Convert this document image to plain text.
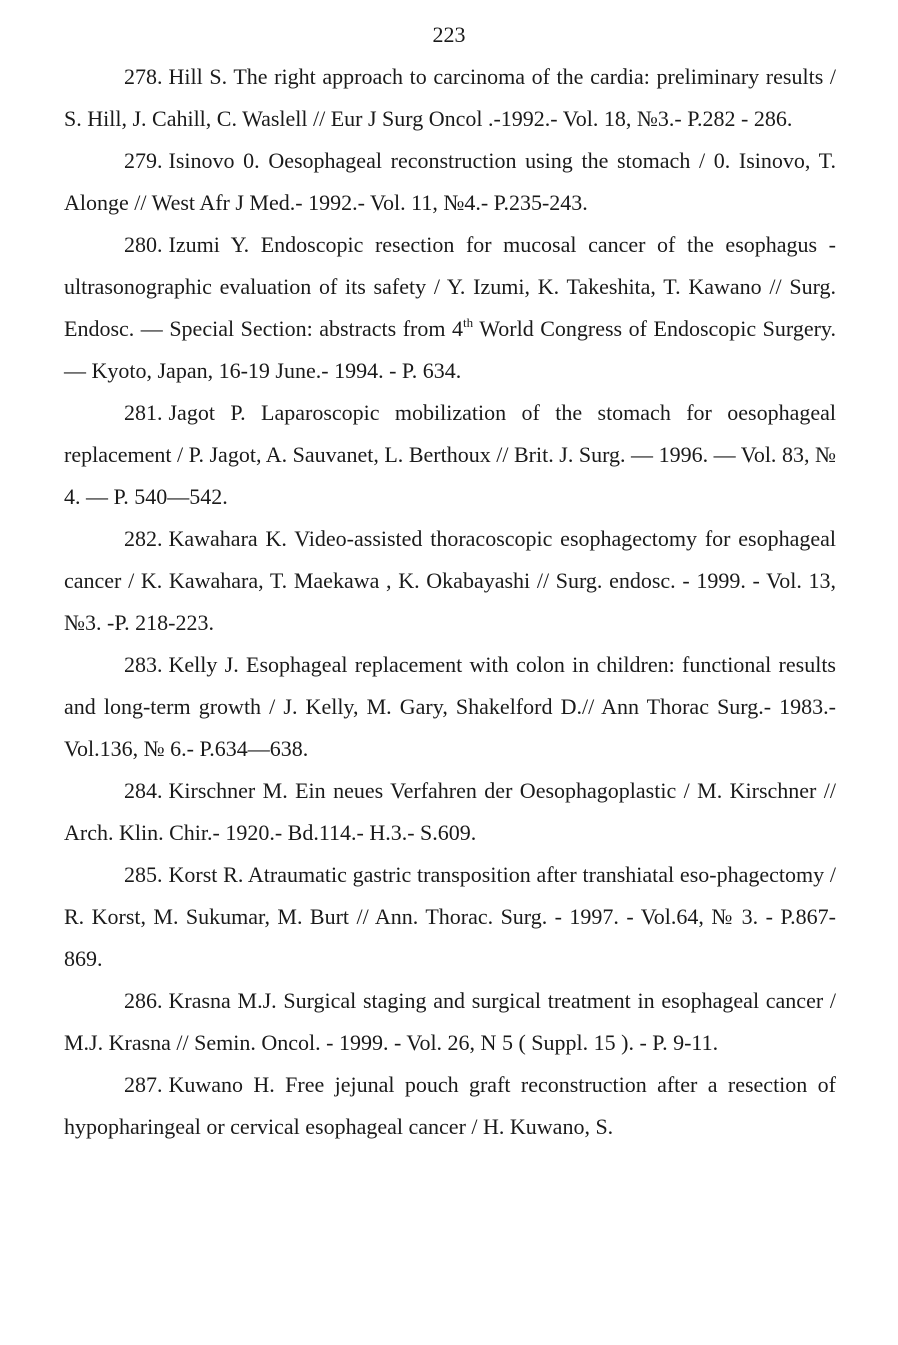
223

278. Hill S. The right approach to carcinoma of the cardia: preliminary results / S. Hill, J. Cahill, C. Waslell // Eur J Surg Oncol .-1992.- Vol. 18, №3.- P.282 - 286.

279. Isinovo 0. Oesophageal reconstruction using the stomach / 0. Isinovo, T. Alonge // West Afr J Med.- 1992.- Vol. 11, №4.- P.235-243.

280. Izumi Y. Endoscopic resection for mucosal cancer of the esophagus - ultrasonographic evaluation of its safety / Y. Izumi, K. Takeshita, T. Kawano // Surg. Endosc. — Special Section: abstracts from 4th World Congress of Endoscopic Surgery. — Kyoto, Japan, 16-19 June.- 1994. - P. 634.

281. Jagot P. Laparoscopic mobilization of the stomach for oesophageal replacement / P. Jagot, A. Sauvanet, L. Berthoux // Brit. J. Surg. — 1996. — Vol. 83, № 4. — P. 540—542.

282. Kawahara K. Video-assisted thoracoscopic esophagectomy for esophageal cancer / K. Kawahara, T. Maekawa , K. Okabayashi // Surg. endosc. - 1999. - Vol. 13, №3. -P. 218-223.

283. Kelly J. Esophageal replacement with colon in children: functional results and long-term growth / J. Kelly, M. Gary, Shakelford D.// Ann Thorac Surg.- 1983.- Vol.136, № 6.- P.634—638.

284. Kirschner M. Ein neues Verfahren der Oesophagoplastic / M. Kirschner // Arch. Klin. Chir.- 1920.- Bd.114.- H.3.- S.609.

285. Korst R. Atraumatic gastric transposition after transhiatal eso-phagectomy / R. Korst, M. Sukumar, M. Burt // Ann. Thorac. Surg. - 1997. - Vol.64, № 3. - P.867-869.

286. Krasna M.J. Surgical staging and surgical treatment in esophageal cancer / M.J. Krasna // Semin. Oncol. - 1999. - Vol. 26, N 5 ( Suppl. 15 ). - P. 9-11.

287. Kuwano H. Free jejunal pouch graft reconstruction after a resection of hypopharingeal or cervical esophageal cancer / H. Kuwano, S.
